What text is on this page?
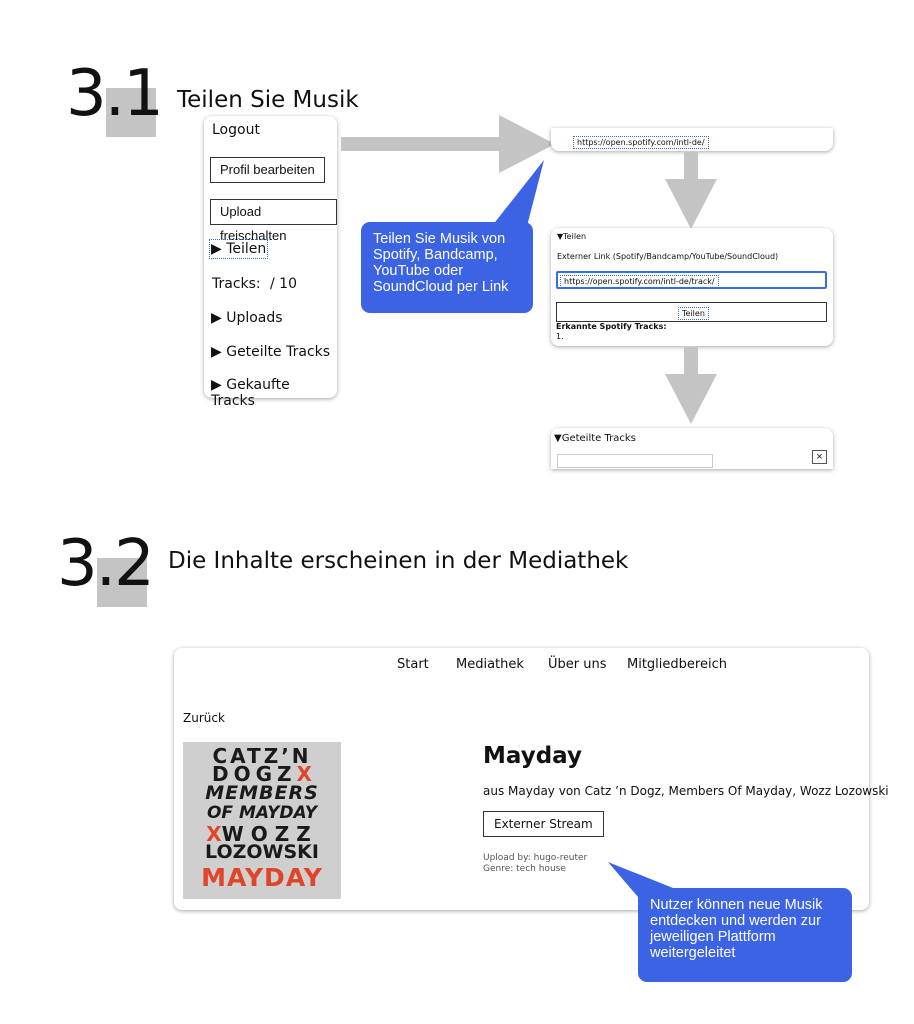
3.1 Teilen Sie Musik
Logout
Profil bearbeiten
Upload freischalten
▶ Teilen
Tracks: / 10
▶ Uploads
▶ Geteilte Tracks
▶ Gekaufte Tracks
https://open.spotify.com/intl-de/
Teilen Sie Musik von Spotify, Bandcamp, YouTube oder SoundCloud per Link
▼Teilen
Externer Link (Spotify/Bandcamp/YouTube/SoundCloud)
https://open.spotify.com/intl-de/track/
Teilen
Erkannte Spotify Tracks:
1.
▼Geteilte Tracks
×
3.2 Die Inhalte erscheinen in der Mediathek
Start Mediathek Über uns Mitgliedbereich
Zurück
CATZ’N
DOGZX
MEMBERS
OF MAYDAY
XWOZZ
LOZOWSKI
MAYDAY
Mayday
aus Mayday von Catz ’n Dogz, Members Of Mayday, Wozz Lozowski
Externer Stream
Upload by: hugo-reuter
Genre: tech house
Nutzer können neue Musik entdecken und werden zur jeweiligen Plattform weitergeleitet
